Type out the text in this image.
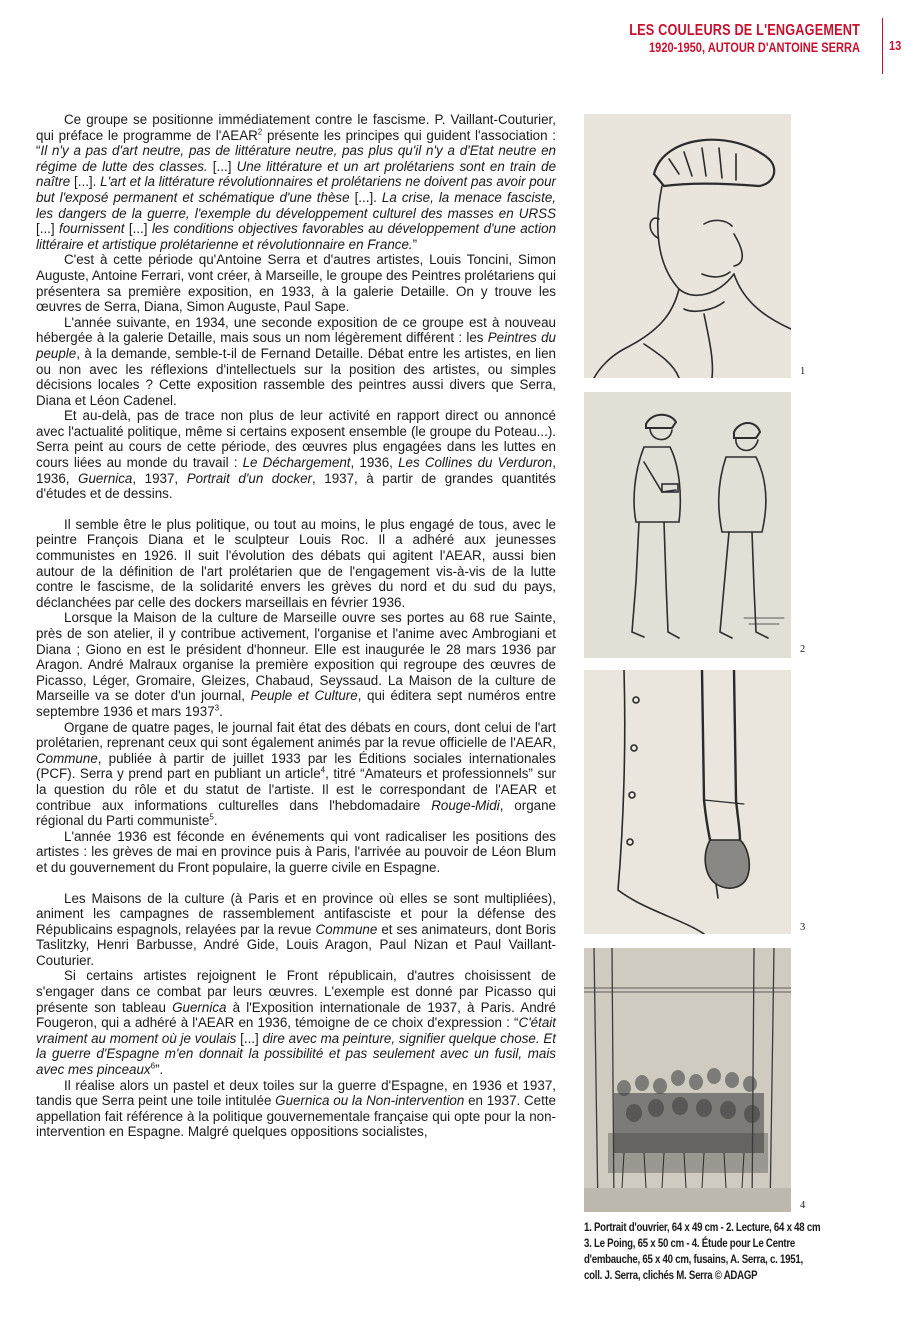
LES COULEURS DE L'ENGAGEMENT
1920-1950, AUTOUR D'ANTOINE SERRA 13

Ce groupe se positionne immédiatement contre le fascisme. P. Vaillant-Couturier, qui préface le programme de l'AEAR$^2$ présente les principes qui guident l'association : “Il n'y a pas d'art neutre, pas de littérature neutre, pas plus qu'il n'y a d'Etat neutre en régime de lutte des classes. [...] Une littérature et un art prolétariens sont en train de naître [...]. L'art et la littérature révolutionnaires et prolétariens ne doivent pas avoir pour but l'exposé permanent et schématique d'une thèse [...]. La crise, la menace fasciste, les dangers de la guerre, l'exemple du développement culturel des masses en URSS [...] fournissent [...] les conditions objectives favorables au développement d'une action littéraire et artistique prolétarienne et révolutionnaire en France.”

C'est à cette période qu'Antoine Serra et d'autres artistes, Louis Toncini, Simon Auguste, Antoine Ferrari, vont créer, à Marseille, le groupe des Peintres prolétariens qui présentera sa première exposition, en 1933, à la galerie Detaille. On y trouve les œuvres de Serra, Diana, Simon Auguste, Paul Sape.

L'année suivante, en 1934, une seconde exposition de ce groupe est à nouveau hébergée à la galerie Detaille, mais sous un nom légèrement différent : les Peintres du peuple, à la demande, semble-t-il de Fernand Detaille. Débat entre les artistes, en lien ou non avec les réflexions d'intellectuels sur la position des artistes, ou simples décisions locales ? Cette exposition rassemble des peintres aussi divers que Serra, Diana et Léon Cadenel.

Et au-delà, pas de trace non plus de leur activité en rapport direct ou annoncé avec l'actualité politique, même si certains exposent ensemble (le groupe du Poteau...). Serra peint au cours de cette période, des œuvres plus engagées dans les luttes en cours liées au monde du travail : Le Déchargement, 1936, Les Collines du Verduron, 1936, Guernica, 1937, Portrait d'un docker, 1937, à partir de grandes quantités d'études et de dessins.

Il semble être le plus politique, ou tout au moins, le plus engagé de tous, avec le peintre François Diana et le sculpteur Louis Roc. Il a adhéré aux jeunesses communistes en 1926. Il suit l'évolution des débats qui agitent l'AEAR, aussi bien autour de la définition de l'art prolétarien que de l'engagement vis-à-vis de la lutte contre le fascisme, de la solidarité envers les grèves du nord et du sud du pays, déclanchées par celle des dockers marseillais en février 1936.

Lorsque la Maison de la culture de Marseille ouvre ses portes au 68 rue Sainte, près de son atelier, il y contribue activement, l'organise et l'anime avec Ambrogiani et Diana ; Giono en est le président d'honneur. Elle est inaugurée le 28 mars 1936 par Aragon. André Malraux organise la première exposition qui regroupe des œuvres de Picasso, Léger, Gromaire, Gleizes, Chabaud, Seyssaud. La Maison de la culture de Marseille va se doter d'un journal, Peuple et Culture, qui éditera sept numéros entre septembre 1936 et mars 1937$^3$.

Organe de quatre pages, le journal fait état des débats en cours, dont celui de l'art prolétarien, reprenant ceux qui sont également animés par la revue officielle de l'AEAR, Commune, publiée à partir de juillet 1933 par les Éditions sociales internationales (PCF). Serra y prend part en publiant un article$^4$, titré “Amateurs et professionnels” sur la question du rôle et du statut de l'artiste. Il est le correspondant de l'AEAR et contribue aux informations culturelles dans l'hebdomadaire Rouge-Midi, organe régional du Parti communiste$^5$.

L'année 1936 est féconde en événements qui vont radicaliser les positions des artistes : les grèves de mai en province puis à Paris, l'arrivée au pouvoir de Léon Blum et du gouvernement du Front populaire, la guerre civile en Espagne.

Les Maisons de la culture (à Paris et en province où elles se sont multipliées), animent les campagnes de rassemblement antifasciste et pour la défense des Républicains espagnols, relayées par la revue Commune et ses animateurs, dont Boris Taslitzky, Henri Barbusse, André Gide, Louis Aragon, Paul Nizan et Paul Vaillant-Couturier.

Si certains artistes rejoignent le Front républicain, d'autres choisissent de s'engager dans ce combat par leurs œuvres. L'exemple est donné par Picasso qui présente son tableau Guernica à l'Exposition internationale de 1937, à Paris. André Fougeron, qui a adhéré à l'AEAR en 1936, témoigne de ce choix d'expression : “C'était vraiment au moment où je voulais [...] dire avec ma peinture, signifier quelque chose. Et la guerre d'Espagne m'en donnait la possibilité et pas seulement avec un fusil, mais avec mes pinceaux$^6$”.

Il réalise alors un pastel et deux toiles sur la guerre d'Espagne, en 1936 et 1937, tandis que Serra peint une toile intitulée Guernica ou la Non-intervention en 1937. Cette appellation fait référence à la politique gouvernementale française qui opte pour la non-intervention en Espagne. Malgré quelques oppositions socialistes,

1
2
3
4
1. Portrait d'ouvrier, 64 x 49 cm - 2. Lecture, 64 x 48 cm
3. Le Poing, 65 x 50 cm - 4. Étude pour Le Centre
d'embauche, 65 x 40 cm, fusains, A. Serra, c. 1951,
coll. J. Serra, clichés M. Serra © ADAGP
